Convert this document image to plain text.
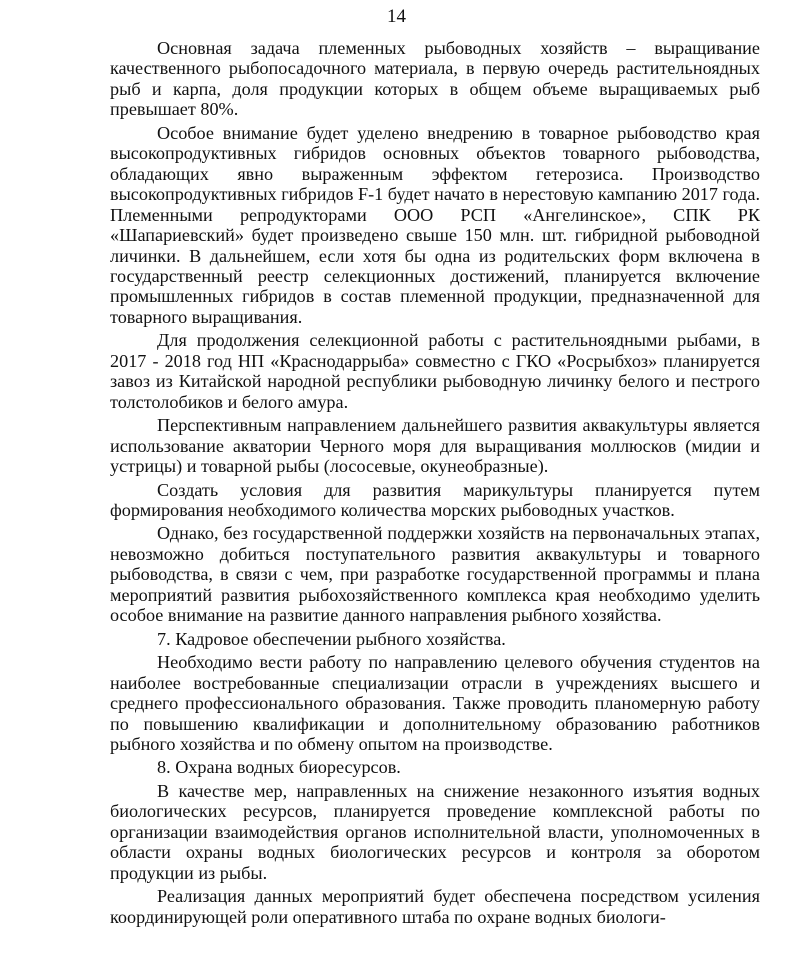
14

Основная задача племенных рыбоводных хозяйств – выращивание качественного рыбопосадочного материала, в первую очередь растительноядных рыб и карпа, доля продукции которых в общем объеме выращиваемых рыб превышает 80%.

Особое внимание будет уделено внедрению в товарное рыбоводство края высокопродуктивных гибридов основных объектов товарного рыбоводства, обладающих явно выраженным эффектом гетерозиса. Производство высокопродуктивных гибридов F-1 будет начато в нерестовую кампанию 2017 года. Племенными репродукторами ООО РСП «Ангелинское», СПК РК «Шапариевский» будет произведено свыше 150 млн. шт. гибридной рыбоводной личинки. В дальнейшем, если хотя бы одна из родительских форм включена в государственный реестр селекционных достижений, планируется включение промышленных гибридов в состав племенной продукции, предназначенной для товарного выращивания.

Для продолжения селекционной работы с растительноядными рыбами, в 2017 - 2018 год НП «Краснодаррыба» совместно с ГКО «Росрыбхоз» планируется завоз из Китайской народной республики рыбоводную личинку белого и пестрого толстолобиков и белого амура.

Перспективным направлением дальнейшего развития аквакультуры является использование акватории Черного моря для выращивания моллюсков (мидии и устрицы) и товарной рыбы (лососевые, окунеобразные).

Создать условия для развития марикультуры планируется путем формирования необходимого количества морских рыбоводных участков.

Однако, без государственной поддержки хозяйств на первоначальных этапах, невозможно добиться поступательного развития аквакультуры и товарного рыбоводства, в связи с чем, при разработке государственной программы и плана мероприятий развития рыбохозяйственного комплекса края необходимо уделить особое внимание на развитие данного направления рыбного хозяйства.

7. Кадровое обеспечении рыбного хозяйства.

Необходимо вести работу по направлению целевого обучения студентов на наиболее востребованные специализации отрасли в учреждениях высшего и среднего профессионального образования. Также проводить планомерную работу по повышению квалификации и дополнительному образованию работников рыбного хозяйства и по обмену опытом на производстве.

8. Охрана водных биоресурсов.

В качестве мер, направленных на снижение незаконного изъятия водных биологических ресурсов, планируется проведение комплексной работы по организации взаимодействия органов исполнительной власти, уполномоченных в области охраны водных биологических ресурсов и контроля за оборотом продукции из рыбы.

Реализация данных мероприятий будет обеспечена посредством усиления координирующей роли оперативного штаба по охране водных биологи-
